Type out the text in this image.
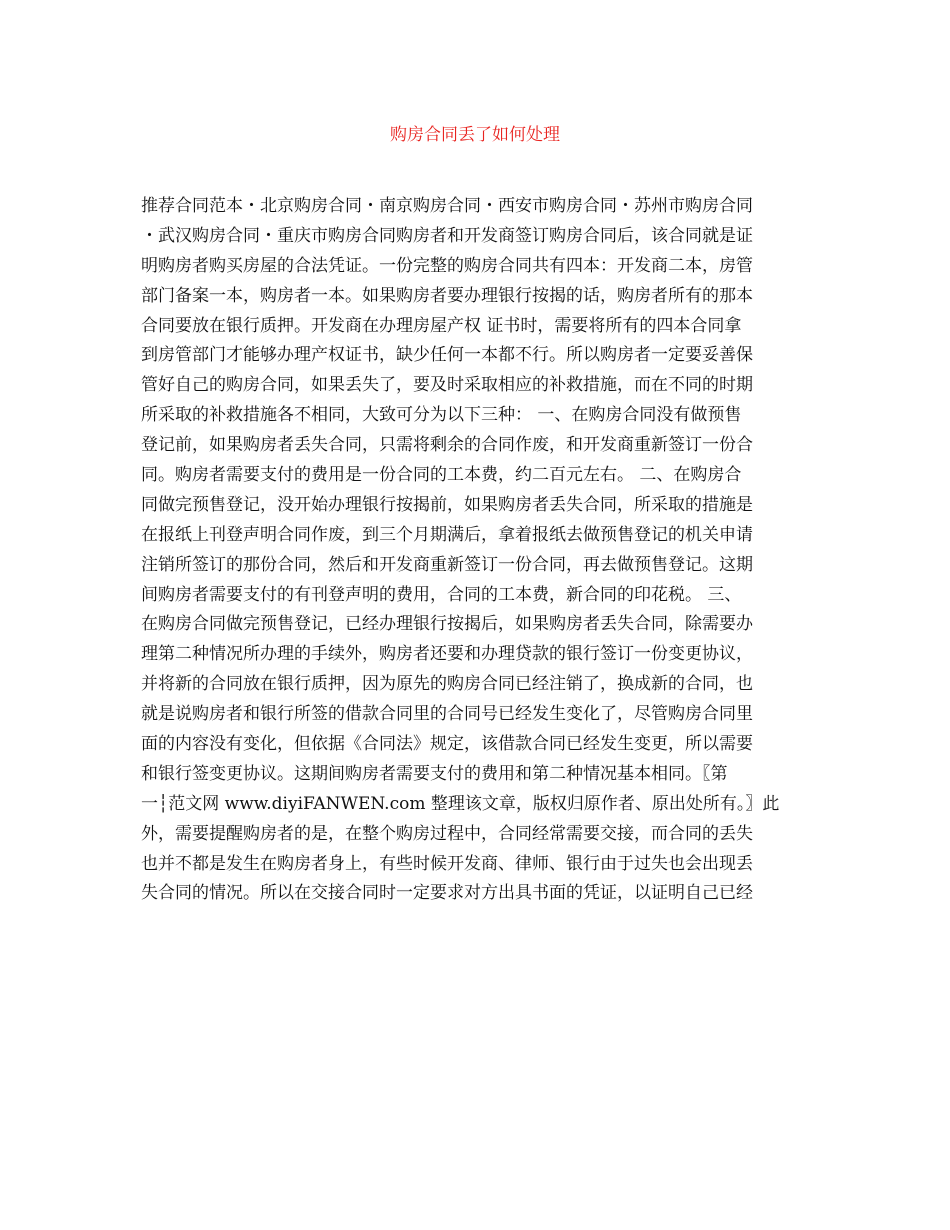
购房合同丢了如何处理
推荐合同范本・北京购房合同・南京购房合同・西安市购房合同・苏州市购房合同
・武汉购房合同・重庆市购房合同购房者和开发商签订购房合同后，该合同就是证
明购房者购买房屋的合法凭证。一份完整的购房合同共有四本：开发商二本，房管
部门备案一本，购房者一本。如果购房者要办理银行按揭的话，购房者所有的那本
合同要放在银行质押。开发商在办理房屋产权 证书时，需要将所有的四本合同拿
到房管部门才能够办理产权证书，缺少任何一本都不行。所以购房者一定要妥善保
管好自己的购房合同，如果丢失了，要及时采取相应的补救措施，而在不同的时期
所采取的补救措施各不相同，大致可分为以下三种： 一、在购房合同没有做预售
登记前，如果购房者丢失合同，只需将剩余的合同作废，和开发商重新签订一份合
同。购房者需要支付的费用是一份合同的工本费，约二百元左右。 二、在购房合
同做完预售登记，没开始办理银行按揭前，如果购房者丢失合同，所采取的措施是
在报纸上刊登声明合同作废，到三个月期满后，拿着报纸去做预售登记的机关申请
注销所签订的那份合同，然后和开发商重新签订一份合同，再去做预售登记。这期
间购房者需要支付的有刊登声明的费用，合同的工本费，新合同的印花税。 三、
在购房合同做完预售登记，已经办理银行按揭后，如果购房者丢失合同，除需要办
理第二种情况所办理的手续外，购房者还要和办理贷款的银行签订一份变更协议，
并将新的合同放在银行质押，因为原先的购房合同已经注销了，换成新的合同，也
就是说购房者和银行所签的借款合同里的合同号已经发生变化了，尽管购房合同里
面的内容没有变化，但依据《合同法》规定，该借款合同已经发生变更，所以需要
和银行签变更协议。这期间购房者需要支付的费用和第二种情况基本相同。〖第
一┆范文网 www.diyiFANWEN.com 整理该文章，版权归原作者、原出处所有。〗此
外，需要提醒购房者的是，在整个购房过程中，合同经常需要交接，而合同的丢失
也并不都是发生在购房者身上，有些时候开发商、律师、银行由于过失也会出现丢
失合同的情况。所以在交接合同时一定要求对方出具书面的凭证，以证明自己已经
